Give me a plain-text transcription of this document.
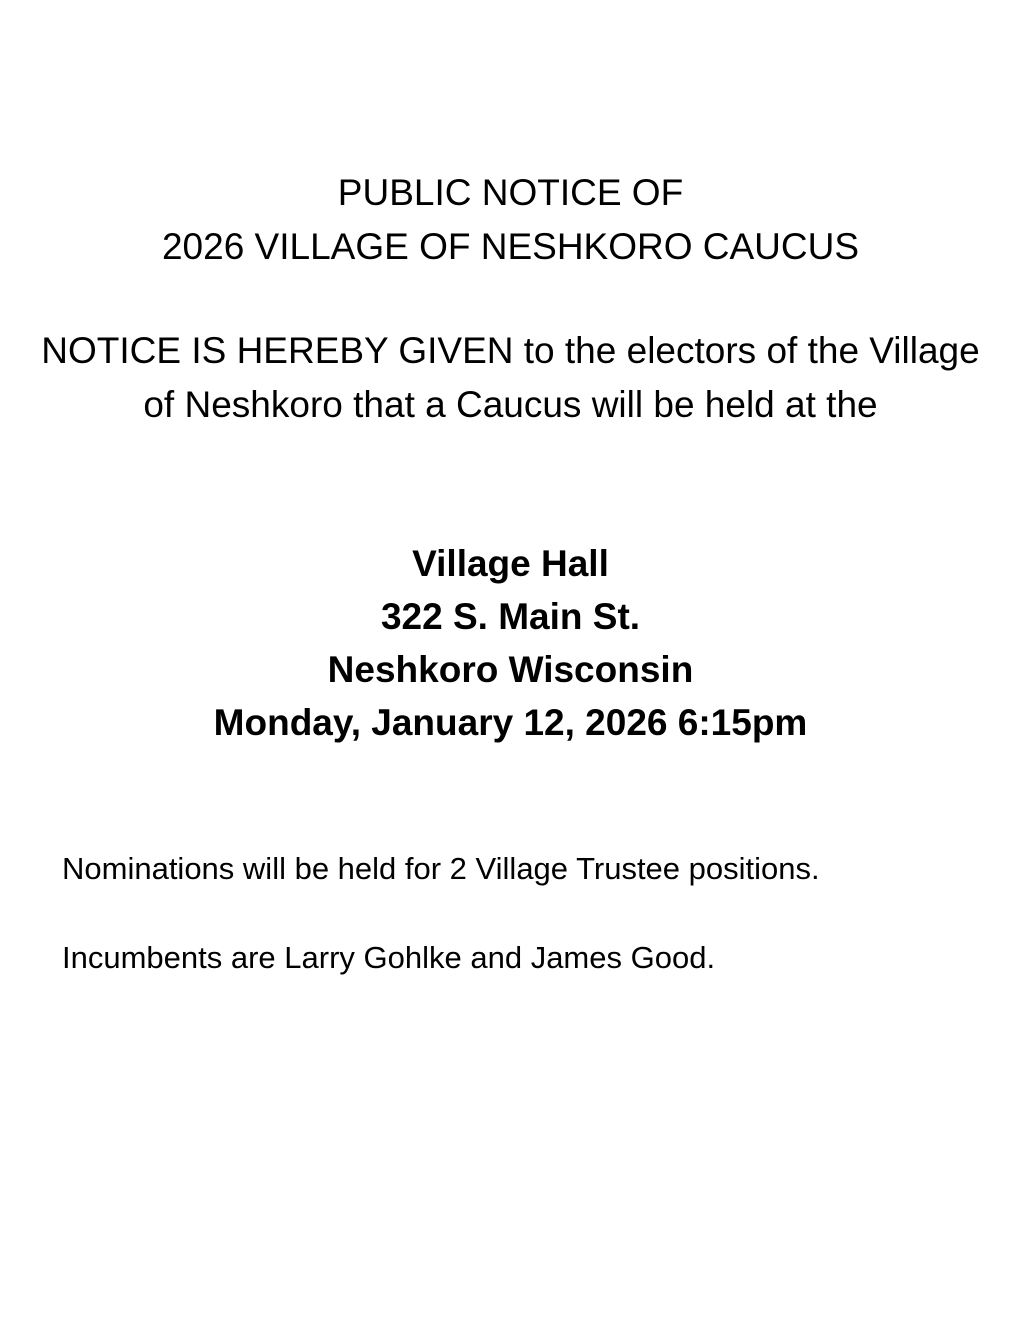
PUBLIC NOTICE OF
2026 VILLAGE OF NESHKORO CAUCUS
NOTICE IS HEREBY GIVEN to the electors of the Village of Neshkoro that a Caucus will be held at the
Village Hall
322 S. Main St.
Neshkoro Wisconsin
Monday, January 12, 2026 6:15pm
Nominations will be held for 2 Village Trustee positions.
Incumbents are Larry Gohlke and James Good.
